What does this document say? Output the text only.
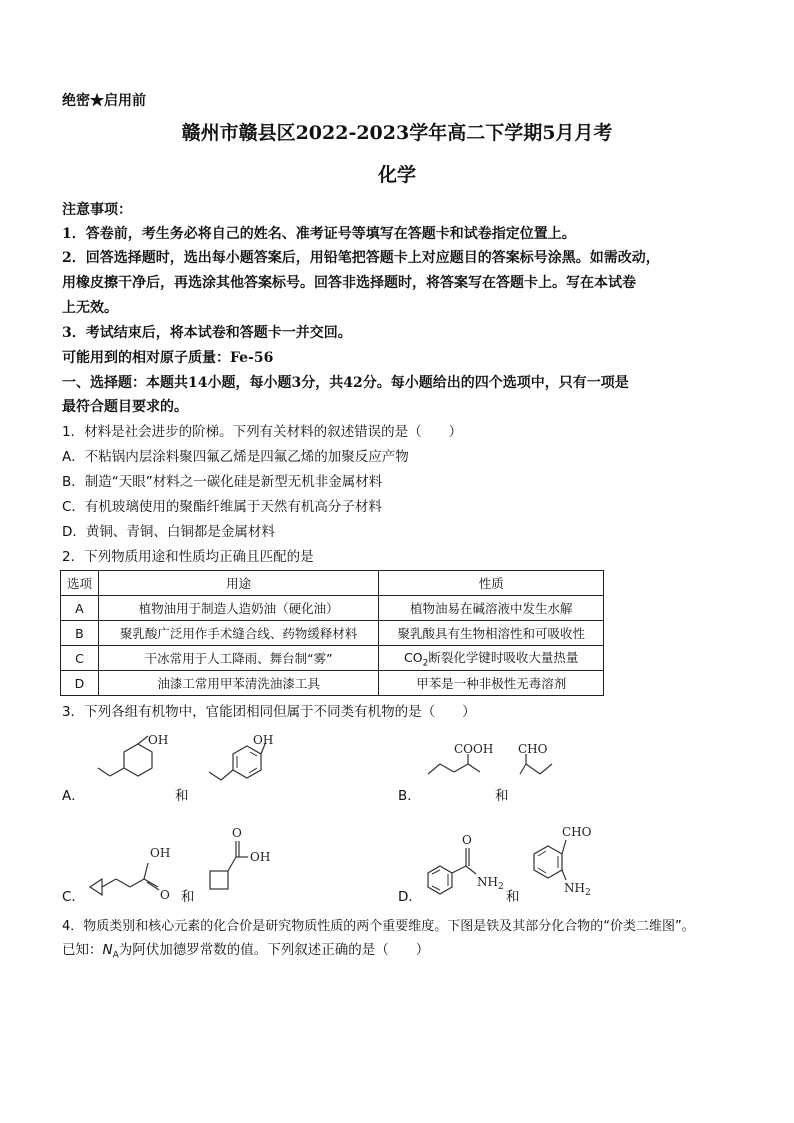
绝密★启用前
赣州市赣县区2022-2023学年高二下学期5月月考
化学
注意事项：
1．答卷前，考生务必将自己的姓名、准考证号等填写在答题卡和试卷指定位置上。
2．回答选择题时，选出每小题答案后，用铅笔把答题卡上对应题目的答案标号涂黑。如需改动，
用橡皮擦干净后，再选涂其他答案标号。回答非选择题时，将答案写在答题卡上。写在本试卷
上无效。
3．考试结束后，将本试卷和答题卡一并交回。
可能用到的相对原子质量：Fe-56
一、选择题：本题共14小题，每小题3分，共42分。每小题给出的四个选项中，只有一项是
最符合题目要求的。
1．材料是社会进步的阶梯。下列有关材料的叙述错误的是（　　）
A．不粘锅内层涂料聚四氟乙烯是四氟乙烯的加聚反应产物
B．制造“天眼”材料之一碳化硅是新型无机非金属材料
C．有机玻璃使用的聚酯纤维属于天然有机高分子材料
D．黄铜、青铜、白铜都是金属材料
2．下列物质用途和性质均正确且匹配的是
选项	用途	性质
A	植物油用于制造人造奶油（硬化油）	植物油易在碱溶液中发生水解
B	聚乳酸广泛用作手术缝合线、药物缓释材料	聚乳酸具有生物相溶性和可吸收性
C	干冰常用于人工降雨、舞台制“雾”	$CO_2$断裂化学键时吸收大量热量
D	油漆工常用甲苯清洗油漆工具	甲苯是一种非极性无毒溶剂
3．下列各组有机物中，官能团相同但属于不同类有机物的是（　　）
A．
OH
和
OH
B．
COOH
和
CHO
C．
OH
O 和
O
OH
D．
O
$NH_2$
和
CHO
$NH_2$
4．物质类别和核心元素的化合价是研究物质性质的两个重要维度。下图是铁及其部分化合物的“价类二维图”。
已知：$N_A$为阿伏加德罗常数的值。下列叙述正确的是（　　）
